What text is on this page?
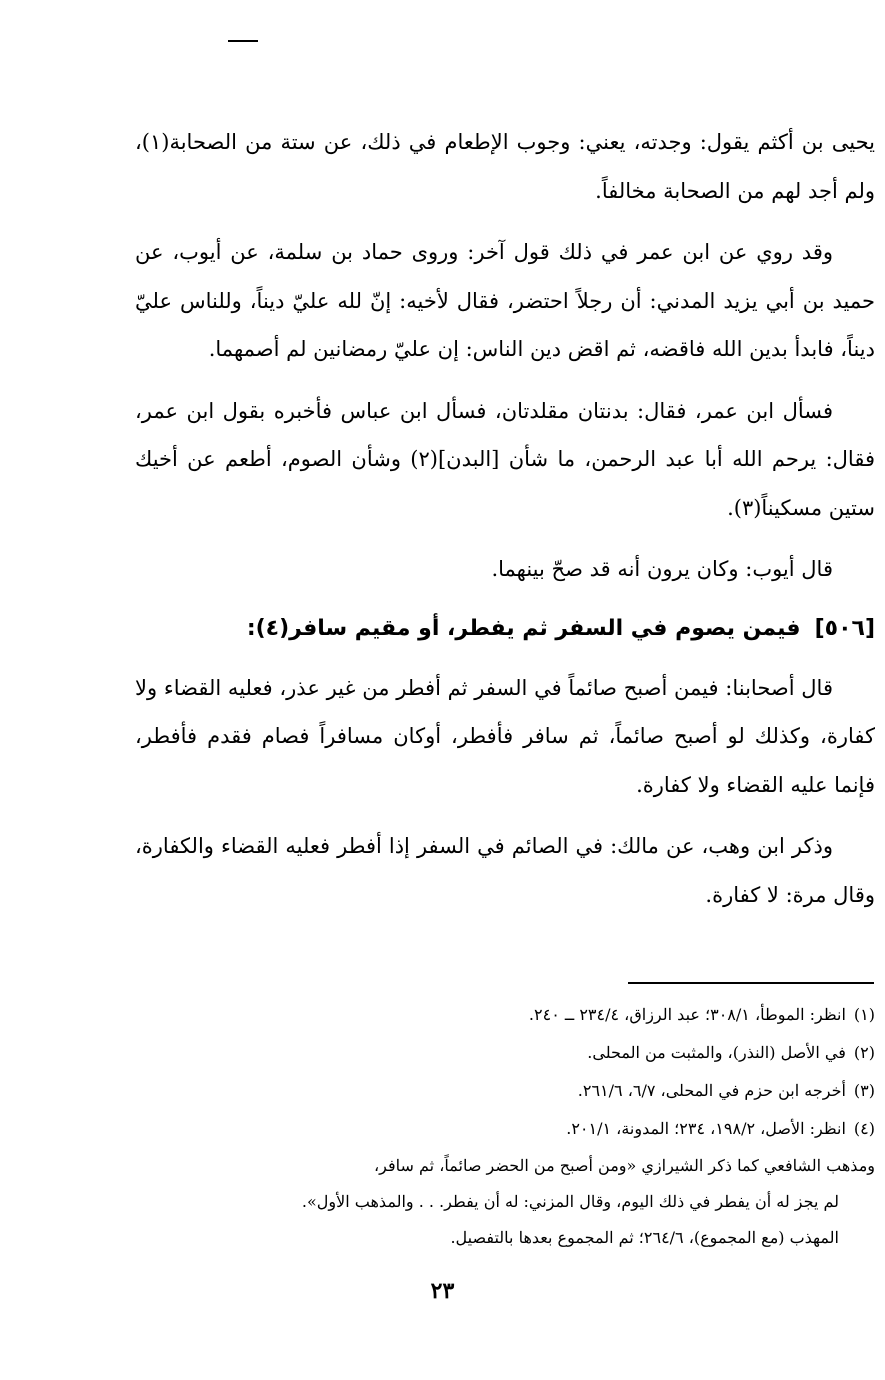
يحيى بن أكثم يقول: وجدته، يعني: وجوب الإطعام في ذلك، عن ستة من الصحابة(١)، ولم أجد لهم من الصحابة مخالفاً.

وقد روي عن ابن عمر في ذلك قول آخر: وروى حماد بن سلمة، عن أيوب، عن حميد بن أبي يزيد المدني: أن رجلاً احتضر، فقال لأخيه: إنّ لله عليّ ديناً، وللناس عليّ ديناً، فابدأ بدين الله فاقضه، ثم اقض دين الناس: إن عليّ رمضانين لم أصمهما.

فسأل ابن عمر، فقال: بدنتان مقلدتان، فسأل ابن عباس فأخبره بقول ابن عمر، فقال: يرحم الله أبا عبد الرحمن، ما شأن [البدن](٢) وشأن الصوم، أطعم عن أخيك ستين مسكيناً(٣).

قال أيوب: وكان يرون أنه قد صحّ بينهما.

[٥٠٦]فيمن يصوم في السفر ثم يفطر، أو مقيم سافر(٤):

قال أصحابنا: فيمن أصبح صائماً في السفر ثم أفطر من غير عذر، فعليه القضاء ولا كفارة، وكذلك لو أصبح صائماً، ثم سافر فأفطر، أوكان مسافراً فصام فقدم فأفطر، فإنما عليه القضاء ولا كفارة.

وذكر ابن وهب، عن مالك: في الصائم في السفر إذا أفطر فعليه القضاء والكفارة، وقال مرة: لا كفارة.

(١)انظر: الموطأ، ٣٠٨/١؛ عبد الرزاق، ٢٣٤/٤ ــ ٢٤٠.

(٢)في الأصل (النذر)، والمثبت من المحلى.

(٣)أخرجه ابن حزم في المحلى، ٦/٧، ٢٦١/٦.

(٤)انظر: الأصل، ١٩٨/٢، ٢٣٤؛ المدونة، ٢٠١/١.

ومذهب الشافعي كما ذكر الشيرازي «ومن أصبح من الحضر صائماً، ثم سافر،

لم يجز له أن يفطر في ذلك اليوم، وقال المزني: له أن يفطر. . . والمذهب الأول».

المهذب (مع المجموع)، ٢٦٤/٦؛ ثم المجموع بعدها بالتفصيل.

٢٣
